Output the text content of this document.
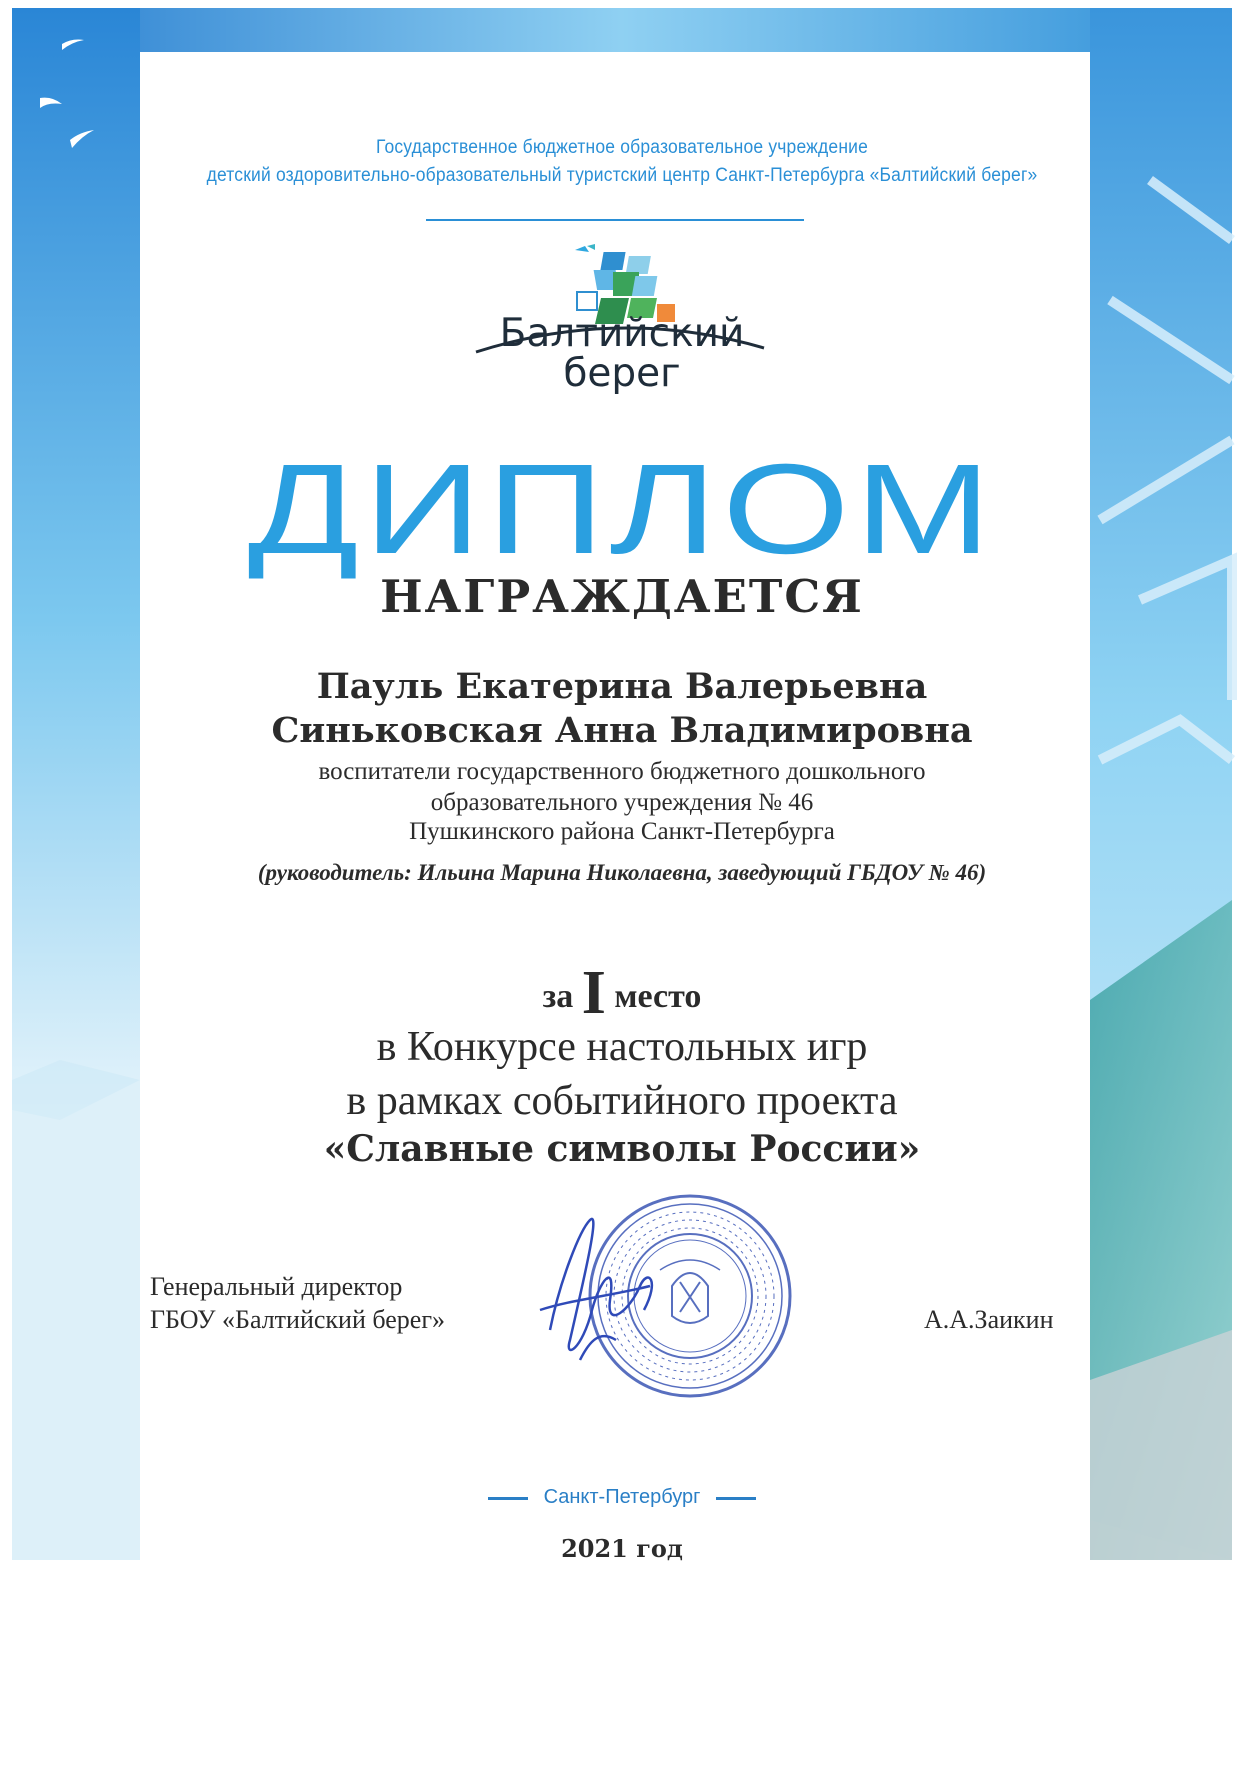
Государственное бюджетное образовательное учреждение
детский оздоровительно-образовательный туристский центр Санкт-Петербурга «Балтийский берег»
Балтийский
берег
ДИПЛОМ
НАГРАЖДАЕТСЯ
Пауль Екатерина Валерьевна
Синьковская Анна Владимировна
воспитатели государственного бюджетного дошкольного
образовательного учреждения № 46
Пушкинского района Санкт-Петербурга
(руководитель: Ильина Марина Николаевна, заведующий ГБДОУ № 46)
за I место
в Конкурсе настольных игр
в рамках событийного проекта
«Славные символы России»
Генеральный директор
ГБОУ «Балтийский берег»	А.А.Заикин
Санкт-Петербург
2021 год
